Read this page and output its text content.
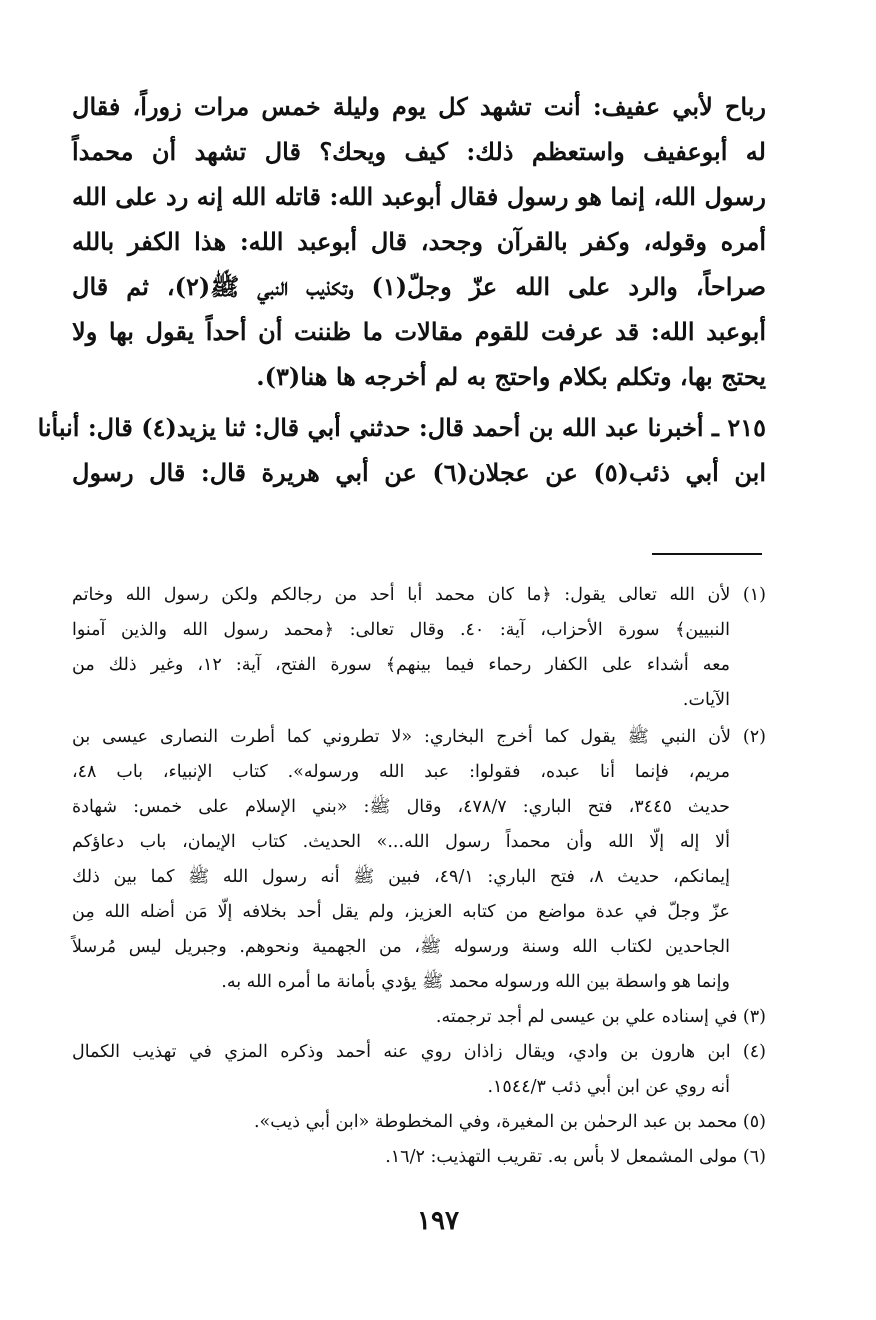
رباح لأبي عفيف: أنت تشهد كل يوم وليلة خمس مرات زوراً، فقال
له أبوعفيف واستعظم ذلك: كيف ويحك؟ قال تشهد أن محمداً
رسول الله، إنما هو رسول فقال أبوعبد الله: قاتله الله إنه رد على الله
أمره وقوله، وكفر بالقرآن وجحد، قال أبوعبد الله: هذا الكفر بالله
صراحاً، والرد على الله عزّ وجلّ(١) وتكذيب النبي ﷺ(٢)، ثم قال
أبوعبد الله: قد عرفت للقوم مقالات ما ظننت أن أحداً يقول بها ولا
يحتج بها، وتكلم بكلام واحتج به لم أخرجه ها هنا(٣).
٢١٥ ـ أخبرنا عبد الله بن أحمد قال: حدثني أبي قال: ثنا يزيد(٤) قال: أنبأنا
ابن أبي ذئب(٥) عن عجلان(٦) عن أبي هريرة قال: قال رسول
(١) لأن الله تعالى يقول: ﴿ما كان محمد أبا أحد من رجالكم ولكن رسول الله وخاتم
النبيين﴾ سورة الأحزاب، آية: ٤٠. وقال تعالى: ﴿محمد رسول الله والذين آمنوا
معه أشداء على الكفار رحماء فيما بينهم﴾ سورة الفتح، آية: ١٢، وغير ذلك من
الآيات.
(٢) لأن النبي ﷺ يقول كما أخرج البخاري: «لا تطروني كما أطرت النصارى عيسى بن
مريم، فإنما أنا عبده، فقولوا: عبد الله ورسوله». كتاب الإنبياء، باب ٤٨،
حديث ٣٤٤٥، فتح الباري: ٤٧٨/٧، وقال ﷺ: «بني الإسلام على خمس: شهادة
ألا إله إلّا الله وأن محمداً رسول الله...» الحديث. كتاب الإيمان، باب دعاؤكم
إيمانكم، حديث ٨، فتح الباري: ٤٩/١، فبين ﷺ أنه رسول الله ﷺ كما بين ذلك
عزّ وجلّ في عدة مواضع من كتابه العزيز، ولم يقل أحد بخلافه إلّا مَن أضله الله مِن
الجاحدين لكتاب الله وسنة ورسوله ﷺ، من الجهمية ونحوهم. وجبريل ليس مُرسلاً
وإنما هو واسطة بين الله ورسوله محمد ﷺ يؤدي بأمانة ما أمره الله به.
(٣) في إسناده علي بن عيسى لم أجد ترجمته.
(٤) ابن هارون بن وادي، ويقال زاذان روي عنه أحمد وذكره المزي في تهذيب الكمال
أنه روي عن ابن أبي ذئب ١٥٤٤/٣.
(٥) محمد بن عبد الرحمٰن بن المغيرة، وفي المخطوطة «ابن أبي ذيب».
(٦) مولى المشمعل لا بأس به. تقريب التهذيب: ١٦/٢.
١٩٧
